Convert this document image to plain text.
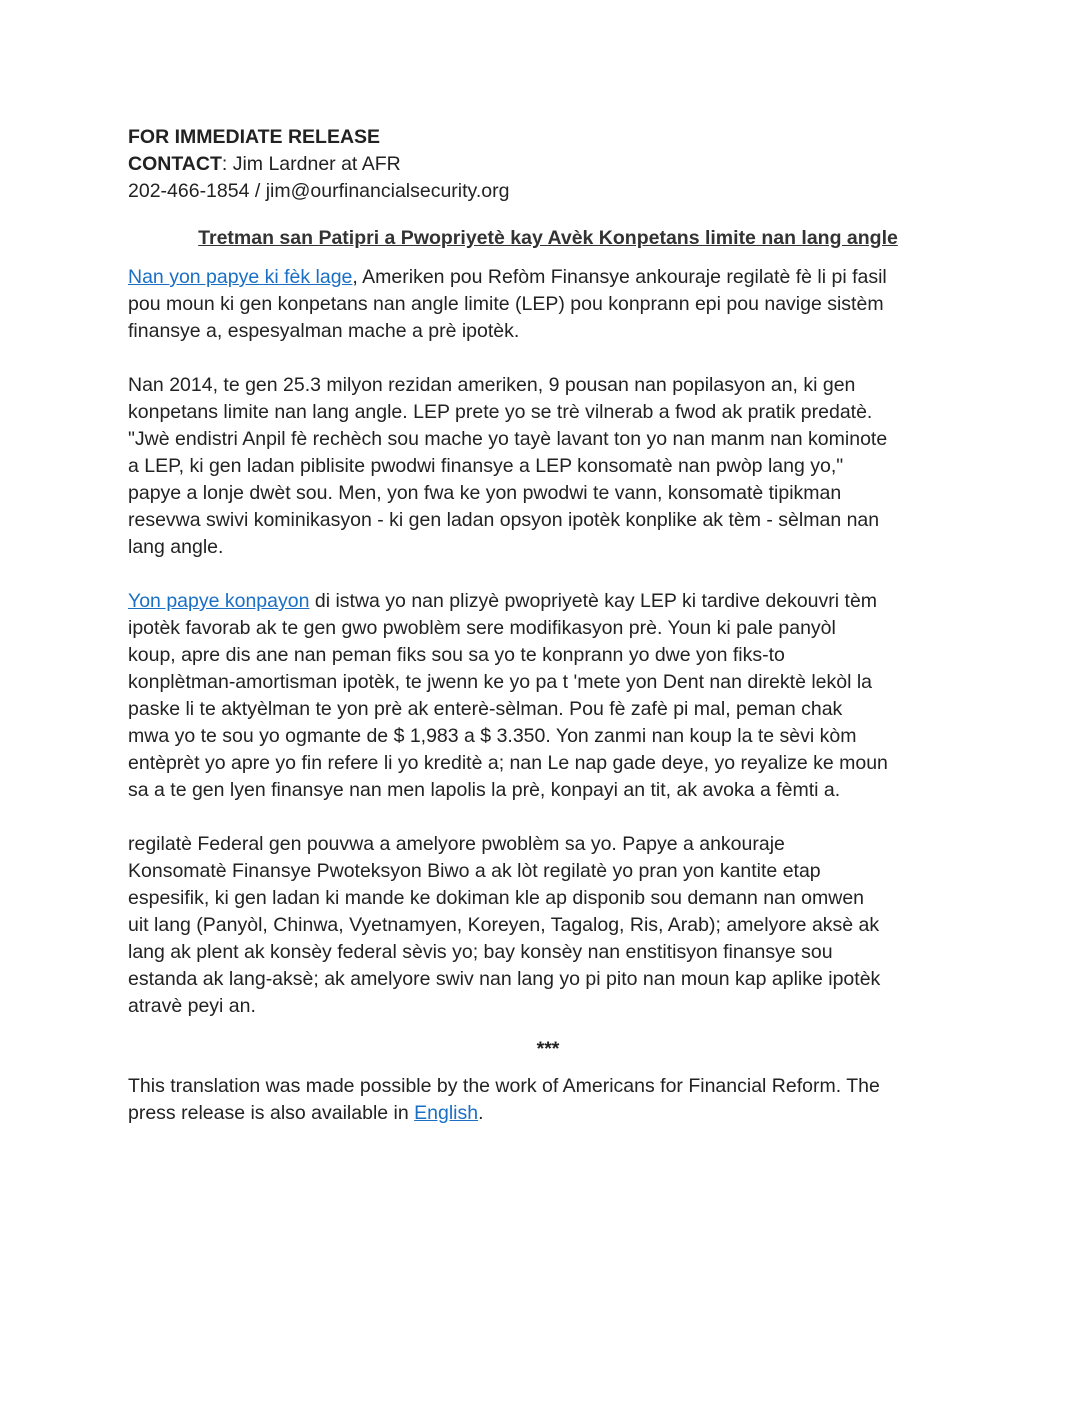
FOR IMMEDIATE RELEASE
CONTACT: Jim Lardner at AFR
202-466-1854 / jim@ourfinancialsecurity.org
Tretman san Patipri a Pwopriyetè kay Avèk Konpetans limite nan lang angle
Nan yon papye ki fèk lage, Ameriken pou Refòm Finansye ankouraje regilatè fè li pi fasil
pou moun ki gen konpetans nan angle limite (LEP) pou konprann epi pou navige sistèm
finansye a, espesyalman mache a prè ipotèk.
Nan 2014, te gen 25.3 milyon rezidan ameriken, 9 pousan nan popilasyon an, ki gen
konpetans limite nan lang angle. LEP prete yo se trè vilnerab a fwod ak pratik predatè.
"Jwè endistri Anpil fè rechèch sou mache yo tayè lavant ton yo nan manm nan kominote
a LEP, ki gen ladan piblisite pwodwi finansye a LEP konsomatè nan pwòp lang yo,"
papye a lonje dwèt sou. Men, yon fwa ke yon pwodwi te vann, konsomatè tipikman
resevwa swivi kominikasyon - ki gen ladan opsyon ipotèk konplike ak tèm - sèlman nan
lang angle.
Yon papye konpayon di istwa yo nan plizyè pwopriyetè kay LEP ki tardive dekouvri tèm
ipotèk favorab ak te gen gwo pwoblèm sere modifikasyon prè. Youn ki pale panyòl
koup, apre dis ane nan peman fiks sou sa yo te konprann yo dwe yon fiks-to
konplètman-amortisman ipotèk, te jwenn ke yo pa t 'mete yon Dent nan direktè lekòl la
paske li te aktyèlman te yon prè ak enterè-sèlman. Pou fè zafè pi mal, peman chak
mwa yo te sou yo ogmante de $ 1,983 a $ 3.350. Yon zanmi nan koup la te sèvi kòm
entèprèt yo apre yo fin refere li yo kreditè a; nan Le nap gade deye, yo reyalize ke moun
sa a te gen lyen finansye nan men lapolis la prè, konpayi an tit, ak avoka a fèmti a.
regilatè Federal gen pouvwa a amelyore pwoblèm sa yo. Papye a ankouraje
Konsomatè Finansye Pwoteksyon Biwo a ak lòt regilatè yo pran yon kantite etap
espesifik, ki gen ladan ki mande ke dokiman kle ap disponib sou demann nan omwen
uit lang (Panyòl, Chinwa, Vyetnamyen, Koreyen, Tagalog, Ris, Arab); amelyore aksè ak
lang ak plent ak konsèy federal sèvis yo; bay konsèy nan enstitisyon finansye sou
estanda ak lang-aksè; ak amelyore swiv nan lang yo pi pito nan moun kap aplike ipotèk
atravè peyi an.
***
This translation was made possible by the work of Americans for Financial Reform. The
press release is also available in English.
